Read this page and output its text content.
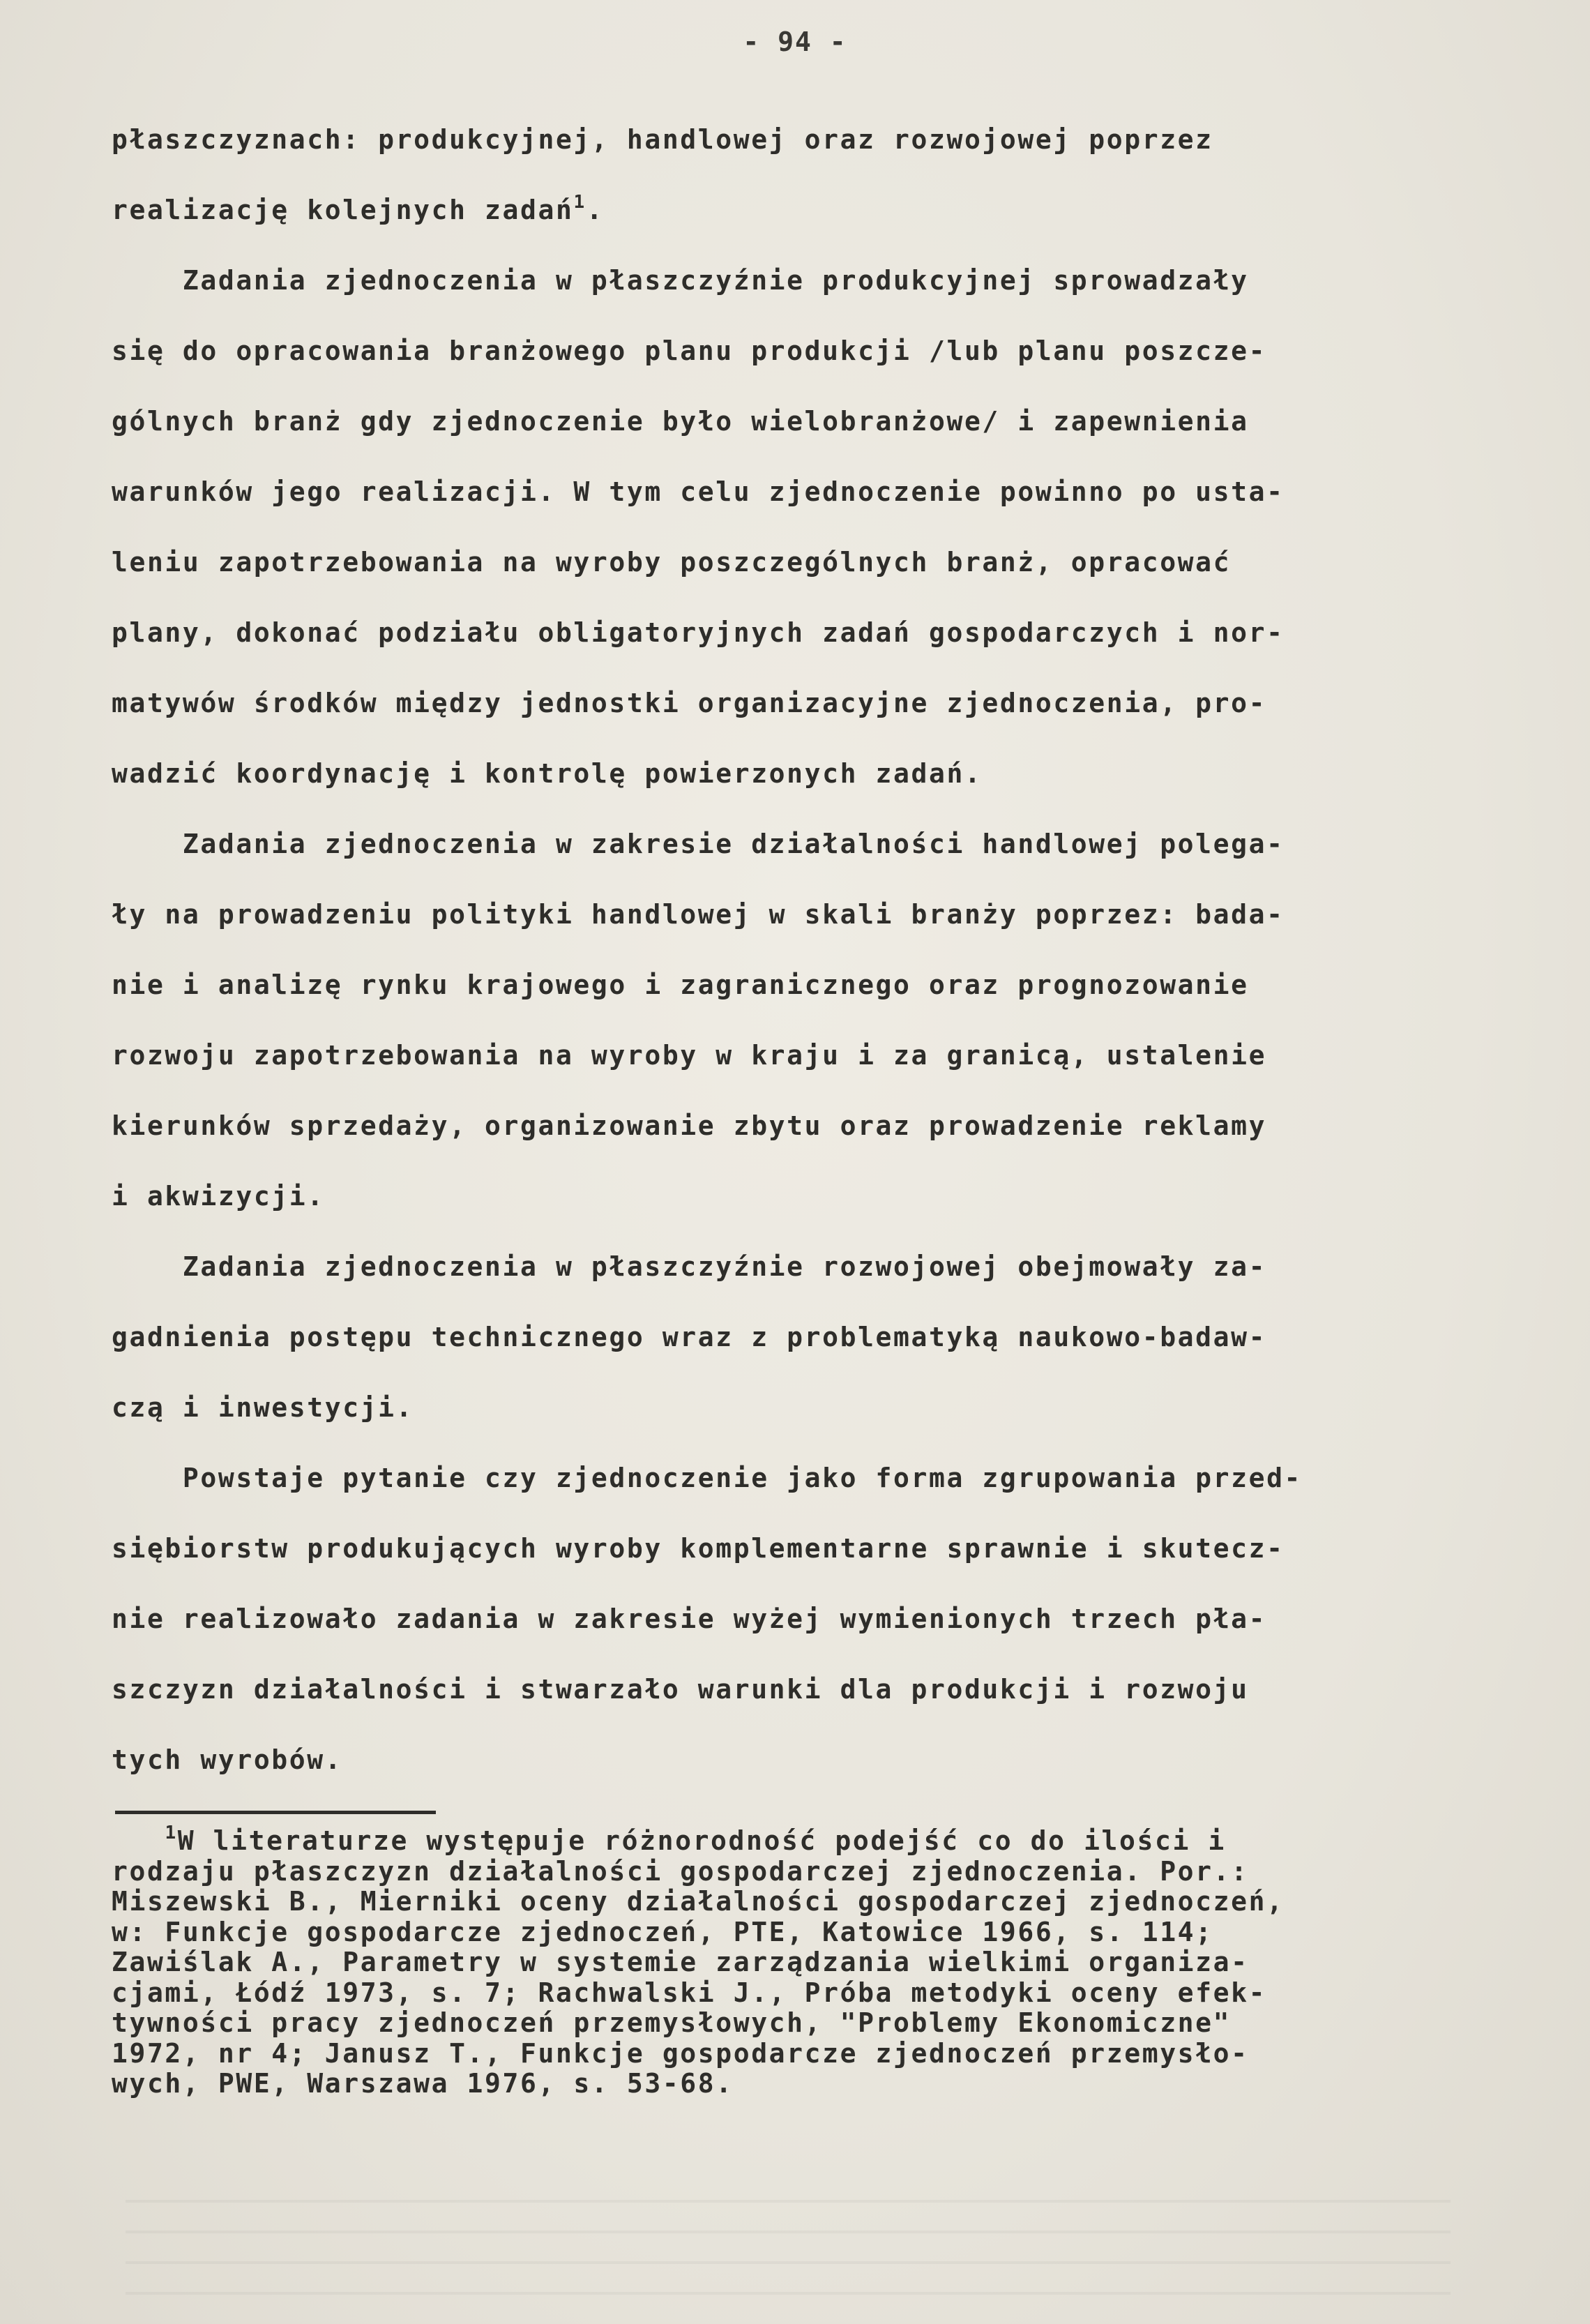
- 94 -
płaszczyznach: produkcyjnej, handlowej oraz rozwojowej poprzez
realizację kolejnych zadań$^1$.
Zadania zjednoczenia w płaszczyźnie produkcyjnej sprowadzały
się do opracowania branżowego planu produkcji /lub planu poszcze-
gólnych branż gdy zjednoczenie było wielobranżowe/ i zapewnienia
warunków jego realizacji. W tym celu zjednoczenie powinno po usta-
leniu zapotrzebowania na wyroby poszczególnych branż, opracować
plany, dokonać podziału obligatoryjnych zadań gospodarczych i nor-
matywów środków między jednostki organizacyjne zjednoczenia, pro-
wadzić koordynację i kontrolę powierzonych zadań.
Zadania zjednoczenia w zakresie działalności handlowej polega-
ły na prowadzeniu polityki handlowej w skali branży poprzez: bada-
nie i analizę rynku krajowego i zagranicznego oraz prognozowanie
rozwoju zapotrzebowania na wyroby w kraju i za granicą, ustalenie
kierunków sprzedaży, organizowanie zbytu oraz prowadzenie reklamy
i akwizycji.
Zadania zjednoczenia w płaszczyźnie rozwojowej obejmowały za-
gadnienia postępu technicznego wraz z problematyką naukowo-badaw-
czą i inwestycji.
Powstaje pytanie czy zjednoczenie jako forma zgrupowania przed-
siębiorstw produkujących wyroby komplementarne sprawnie i skutecz-
nie realizowało zadania w zakresie wyżej wymienionych trzech pła-
szczyzn działalności i stwarzało warunki dla produkcji i rozwoju
tych wyrobów.
$^1$W literaturze występuje różnorodność podejść co do ilości i
rodzaju płaszczyzn działalności gospodarczej zjednoczenia. Por.:
Miszewski B., Mierniki oceny działalności gospodarczej zjednoczeń,
w: Funkcje gospodarcze zjednoczeń, PTE, Katowice 1966, s. 114;
Zawiślak A., Parametry w systemie zarządzania wielkimi organiza-
cjami, Łódź 1973, s. 7; Rachwalski J., Próba metodyki oceny efek-
tywności pracy zjednoczeń przemysłowych, "Problemy Ekonomiczne"
1972, nr 4; Janusz T., Funkcje gospodarcze zjednoczeń przemysło-
wych, PWE, Warszawa 1976, s. 53-68.
